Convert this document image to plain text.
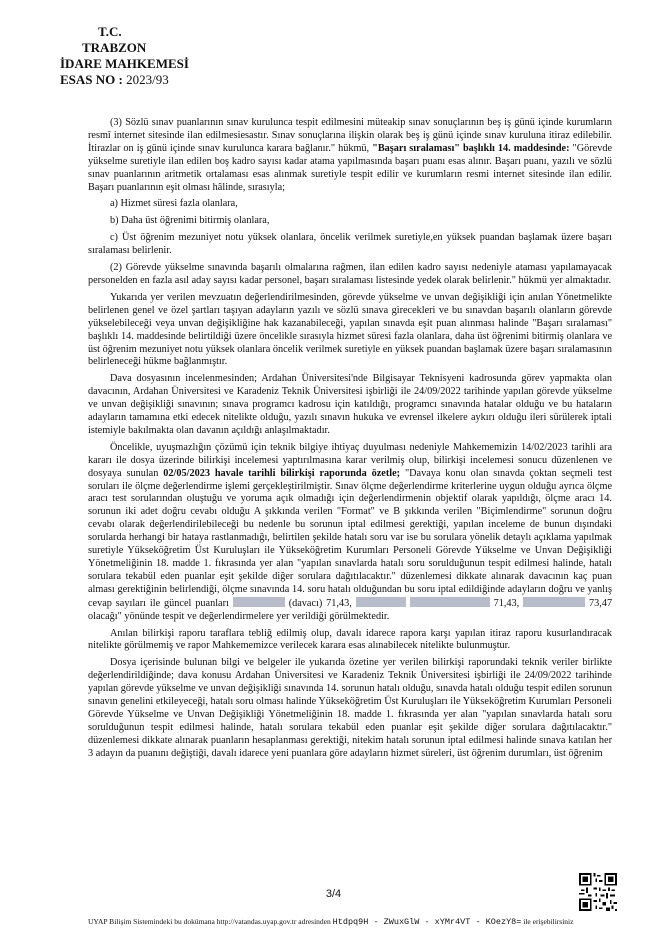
T.C.
TRABZON
İDARE MAHKEMESİ
ESAS NO : 2023/93

(3) Sözlü sınav puanlarının sınav kurulunca tespit edilmesini müteakip sınav sonuçlarının beş iş günü içinde kurumların resmî internet sitesinde ilan edilmesiesastır. Sınav sonuçlarına ilişkin olarak beş iş günü içinde sınav kuruluna itiraz edilebilir. İtirazlar on iş günü içinde sınav kurulunca karara bağlanır." hükmü, "Başarı sıralaması" başlıklı 14. maddesinde: "Görevde yükselme suretiyle ilan edilen boş kadro sayısı kadar atama yapılmasında başarı puanı esas alınır. Başarı puanı, yazılı ve sözlü sınav puanlarının aritmetik ortalaması esas alınmak suretiyle tespit edilir ve kurumların resmi internet sitesinde ilan edilir. Başarı puanlarının eşit olması hâlinde, sırasıyla;

a) Hizmet süresi fazla olanlara,

b) Daha üst öğrenimi bitirmiş olanlara,

c) Üst öğrenim mezuniyet notu yüksek olanlara, öncelik verilmek suretiyle,en yüksek puandan başlamak üzere başarı sıralaması belirlenir.

(2) Görevde yükselme sınavında başarılı olmalarına rağmen, ilan edilen kadro sayısı nedeniyle ataması yapılamayacak personelden en fazla asıl aday sayısı kadar personel, başarı sıralaması listesinde yedek olarak belirlenir." hükmü yer almaktadır.

Yukarıda yer verilen mevzuatın değerlendirilmesinden, görevde yükselme ve unvan değişikliği için anılan Yönetmelikte belirlenen genel ve özel şartları taşıyan adayların yazılı ve sözlü sınava girecekleri ve bu sınavdan başarılı olanların görevde yükselebileceği veya unvan değişikliğine hak kazanabileceği, yapılan sınavda eşit puan alınması halinde "Başarı sıralaması" başlıklı 14. maddesinde belirtildiği üzere öncelikle sırasıyla hizmet süresi fazla olanlara, daha üst öğrenimi bitirmiş olanlara ve üst öğrenim mezuniyet notu yüksek olanlara öncelik verilmek suretiyle en yüksek puandan başlamak üzere başarı sıralamasının belirleneceği hükme bağlanmıştır.

Dava dosyasının incelenmesinden; Ardahan Üniversitesi'nde Bilgisayar Teknisyeni kadrosunda görev yapmakta olan davacının, Ardahan Üniversitesi ve Karadeniz Teknik Üniversitesi işbirliği ile 24/09/2022 tarihinde yapılan görevde yükselme ve unvan değişikliği sınavının; sınava programcı kadrosu için katıldığı, programcı sınavında hatalar olduğu ve bu hataların adayların tamamına etki edecek nitelikte olduğu, yazılı sınavın hukuka ve evrensel ilkelere aykırı olduğu ileri sürülerek iptali istemiyle bakılmakta olan davanın açıldığı anlaşılmaktadır.

Öncelikle, uyuşmazlığın çözümü için teknik bilgiye ihtiyaç duyulması nedeniyle Mahkememizin 14/02/2023 tarihli ara kararı ile dosya üzerinde bilirkişi incelemesi yaptırılmasına karar verilmiş olup, bilirkişi incelemesi sonucu düzenlenen ve dosyaya sunulan 02/05/2023 havale tarihli bilirkişi raporunda özetle; "Davaya konu olan sınavda çoktan seçmeli test soruları ile ölçme değerlendirme işlemi gerçekleştirilmiştir. Sınav ölçme değerlendirme kriterlerine uygun olduğu ayrıca ölçme aracı test sorularından oluştuğu ve yoruma açık olmadığı için değerlendirmenin objektif olarak yapıldığı, ölçme aracı 14. sorunun iki adet doğru cevabı olduğu A şıkkında verilen "Format" ve B şıkkında verilen "Biçimlendirme" sorunun doğru cevabı olarak değerlendirilebileceği bu nedenle bu sorunun iptal edilmesi gerektiği, yapılan inceleme de bunun dışındaki sorularda herhangi bir hataya rastlanmadığı, belirtilen şekilde hatalı soru var ise bu sorulara yönelik detaylı açıklama yapılmak suretiyle Yükseköğretim Üst Kuruluşları ile Yükseköğretim Kurumları Personeli Görevde Yükselme ve Unvan Değişikliği Yönetmeliğinin 18. madde 1. fıkrasında yer alan "yapılan sınavlarda hatalı soru sorulduğunun tespit edilmesi halinde, hatalı sorulara tekabül eden puanlar eşit şekilde diğer sorulara dağıtılacaktır." düzenlemesi dikkate alınarak davacının kaç puan alması gerektiğinin belirlendiği, ölçme sınavında 14. soru hatalı olduğundan bu soru iptal edildiğinde adayların doğru ve yanlış cevap sayıları ile güncel puanları	(davacı) 71,43,	71,43,	73,47 olacağı" yönünde tespit ve değerlendirmelere yer verildiği görülmektedir.

Anılan bilirkişi raporu taraflara tebliğ edilmiş olup, davalı idarece rapora karşı yapılan itiraz raporu kusurlandıracak nitelikte görülmemiş ve rapor Mahkememizce verilecek karara esas alınabilecek nitelikte bulunmuştur.

Dosya içerisinde bulunan bilgi ve belgeler ile yukarıda özetine yer verilen bilirkişi raporundaki teknik veriler birlikte değerlendirildiğinde; dava konusu Ardahan Üniversitesi ve Karadeniz Teknik Üniversitesi işbirliği ile 24/09/2022 tarihinde yapılan görevde yükselme ve unvan değişikliği sınavında 14. sorunun hatalı olduğu, sınavda hatalı olduğu tespit edilen sorunun sınavın genelini etkileyeceği, hatalı soru olması halinde Yükseköğretim Üst Kuruluşları ile Yükseköğretim Kurumları Personeli Görevde Yükselme ve Unvan Değişikliği Yönetmeliğinin 18. madde 1. fıkrasında yer alan "yapılan sınavlarda hatalı soru sorulduğunun tespit edilmesi halinde, hatalı sorulara tekabül eden puanlar eşit şekilde diğer sorulara dağıtılacaktır." düzenlemesi dikkate alınarak puanların hesaplanması gerektiği, nitekim hatalı sorunun iptal edilmesi halinde sınava katılan her 3 adayın da puanını değiştiği, davalı idarece yeni puanlara göre adayların hizmet süreleri, üst öğrenim durumları, üst öğrenim

3/4
UYAP Bilişim Sistemindeki bu dokümana http://vatandas.uyap.gov.tr adresinden Htdpq9H - ZWuxGlW - xYMr4VT - KOezY8= ile erişebilirsiniz
